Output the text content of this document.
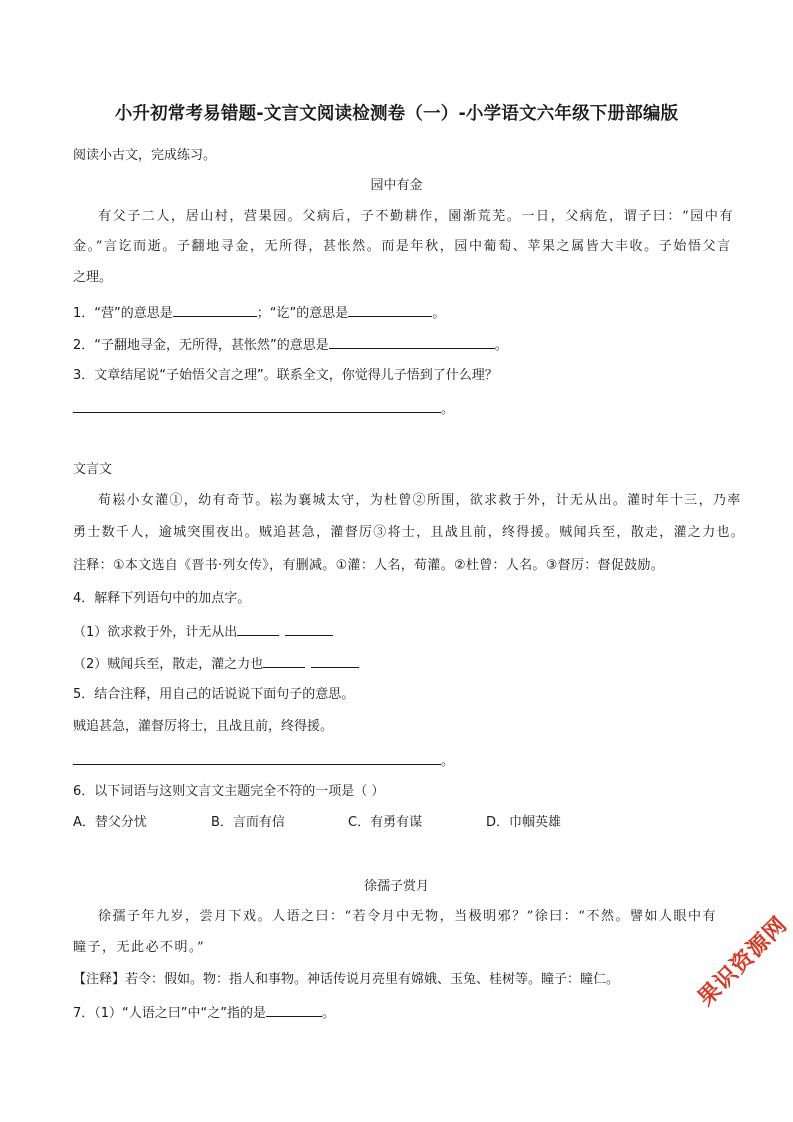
小升初常考易错题-文言文阅读检测卷（一）-小学语文六年级下册部编版
阅读小古文，完成练习。
园中有金
有父子二人，居山村，营果园。父病后，子不勤耕作，園渐荒芜。一日，父病危，谓子曰：“园中有
金。”言讫而逝。子翻地寻金，无所得，甚怅然。而是年秋，园中葡萄、苹果之属皆大丰收。子始悟父言
之理。
1．“营”的意思是	；“讫”的意思是	。
2．“子翻地寻金，无所得，甚怅然”的意思是	。
3．文章结尾说“子始悟父言之理”。联系全文，你觉得儿子悟到了什么理？
。
文言文
荀崧小女灌①，幼有奇节。崧为襄城太守，为杜曾②所围，欲求救于外，计无从出。灌时年十三，乃率
勇士数千人，逾城突围夜出。贼追甚急，灌督厉③将士，且战且前，终得援。贼闻兵至，散走，灌之力也。
注释：①本文选自《晋书·列女传》，有删减。①灌：人名，荀灌。②杜曾：人名。③督厉：督促鼓励。
4．解释下列语句中的加点字。
（1）欲求救于外，计无从出
（2）贼闻兵至，散走，灌之力也
5．结合注释，用自己的话说说下面句子的意思。
贼追甚急，灌督厉将士，且战且前，终得援。
。
6．以下词语与这则文言文主题完全不符的一项是（ ）
A．替父分忧	B．言而有信	C．有勇有谋	D．巾帼英雄
徐孺子赏月
徐孺子年九岁，尝月下戏。人语之曰：“若令月中无物，当极明邪？”徐曰：“不然。譬如人眼中有
瞳子，无此必不明。”
【注释】若令：假如。物：指人和事物。神话传说月亮里有嫦娥、玉兔、桂树等。瞳子：瞳仁。
7．（1）“人语之曰”中“之”指的是	。
果识资源网
